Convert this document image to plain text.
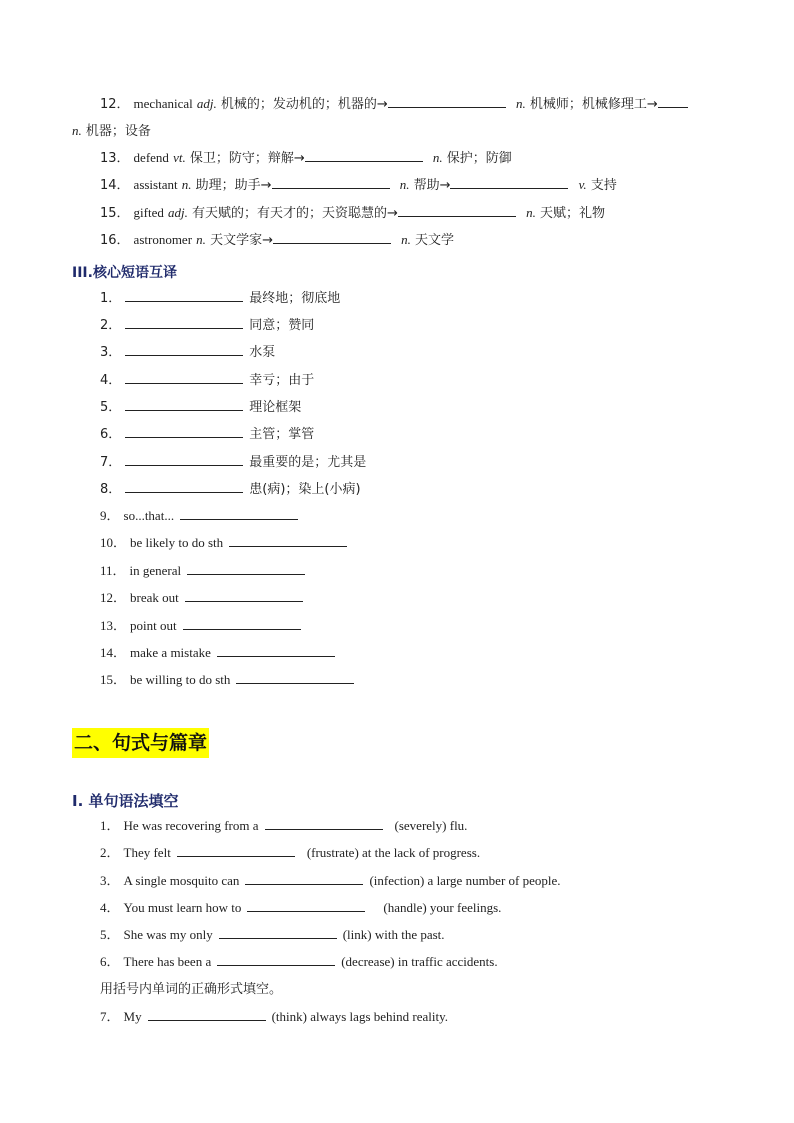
12． mechanical adj. 机械的；发动机的；机器的→	n. 机械师；机械修理工→
n. 机器；设备
13． defend vt. 保卫；防守；辩解→	n. 保护；防御
14． assistant n. 助理；助手→	n. 帮助→	v. 支持
15． gifted adj. 有天赋的；有天才的；天资聪慧的→	n. 天赋；礼物
16． astronomer n. 天文学家→	n. 天文学
III.核心短语互译
1．	最终地；彻底地
2．	同意；赞同
3．	水泵
4．	幸亏；由于
5．	理论框架
6．	主管；掌管
7．	最重要的是；尤其是
8．	患(病)；染上(小病)
9． so...that...
10． be likely to do sth
11． in general
12． break out
13． point out
14． make a mistake
15． be willing to do sth
二、句式与篇章
I. 单句语法填空
1． He was recovering from a	(severely) flu.
2． They felt	(frustrate) at the lack of progress.
3． A single mosquito can	(infection) a large number of people.
4． You must learn how to	(handle) your feelings.
5． She was my only	(link) with the past.
6． There has been a	(decrease) in traffic accidents.
用括号内单词的正确形式填空。
7． My	(think) always lags behind reality.
